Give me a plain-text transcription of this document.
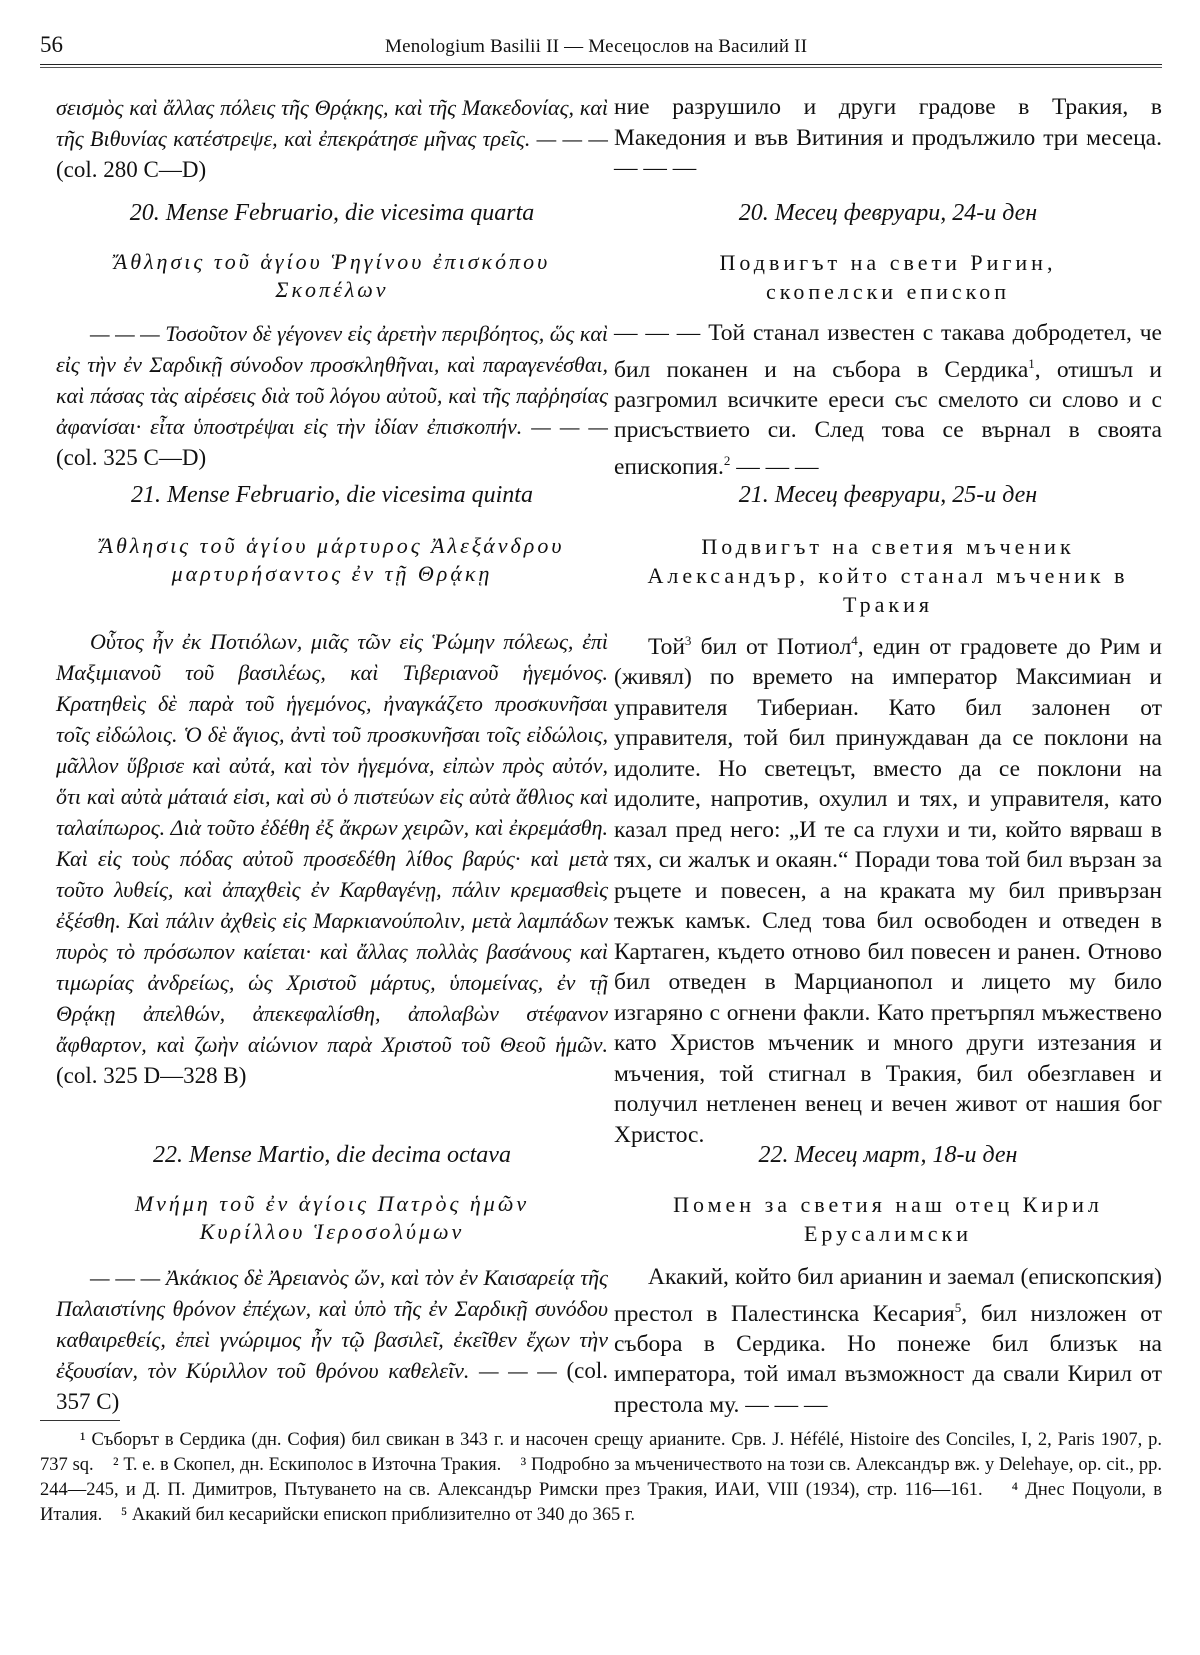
56	Menologium Basilii II — Месецослов на Василий II

σεισμὸς καὶ ἄλλας πόλεις τῆς Θρᾴκης, καὶ τῆς Μακεδονίας, καὶ τῆς Βιθυνίας κατέστρεψε, καὶ ἐπεκράτησε μῆνας τρεῖς. — — — (col. 280 C—D)

20. Mense Februario, die vicesima quarta
Ἄθλησις τοῦ ἁγίου Ῥηγίνου ἐπισκόπου Σκοπέλων

— — — Τοσοῦτον δὲ γέγονεν εἰς ἀρετὴν περιβόητος, ὥς καὶ εἰς τὴν ἐν Σαρδικῇ σύνοδον προσκληθῆναι, καὶ παραγενέσθαι, καὶ πάσας τὰς αἱρέσεις διὰ τοῦ λόγου αὐτοῦ, καὶ τῆς παῤῥησίας ἀφανίσαι· εἶτα ὑποστρέψαι εἰς τὴν ἰδίαν ἐπισκοπήν. — — — (col. 325 C—D)

21. Mense Februario, die vicesima quinta
Ἄθλησις τοῦ ἁγίου μάρτυρος Ἀλεξάνδρου μαρτυρήσαντος ἐν τῇ Θρᾴκῃ

Οὗτος ἦν ἐκ Ποτιόλων, μιᾶς τῶν εἰς Ῥώμην πόλεως, ἐπὶ Μαξιμιανοῦ τοῦ βασιλέως, καὶ Τιβεριανοῦ ἡγεμόνος. Κρατηθεὶς δὲ παρὰ τοῦ ἡγεμόνος, ἠναγκάζετο προσκυνῆσαι τοῖς εἰδώλοις. Ὁ δὲ ἅγιος, ἀντὶ τοῦ προσκυνῆσαι τοῖς εἰδώλοις, μᾶλλον ὕβρισε καὶ αὐτά, καὶ τὸν ἡγεμόνα, εἰπὼν πρὸς αὐτόν, ὅτι καὶ αὐτὰ μάταιά εἰσι, καὶ σὺ ὁ πιστεύων εἰς αὐτὰ ἄθλιος καὶ ταλαίπωρος. Διὰ τοῦτο ἐδέθη ἐξ ἄκρων χειρῶν, καὶ ἐκρεμάσθη. Καὶ εἰς τοὺς πόδας αὐτοῦ προσεδέθη λίθος βαρύς· καὶ μετὰ τοῦτο λυθείς, καὶ ἀπαχθεὶς ἐν Καρθαγένῃ, πάλιν κρεμασθεὶς ἐξέσθη. Καὶ πάλιν ἀχθεὶς εἰς Μαρκιανούπολιν, μετὰ λαμπάδων πυρὸς τὸ πρόσωπον καίεται· καὶ ἄλλας πολλὰς βασάνους καὶ τιμωρίας ἀνδρείως, ὡς Χριστοῦ μάρτυς, ὑπομείνας, ἐν τῇ Θρᾴκῃ ἀπελθών, ἀπεκεφαλίσθη, ἀπολαβὼν στέφανον ἄφθαρτον, καὶ ζωὴν αἰώνιον παρὰ Χριστοῦ τοῦ Θεοῦ ἡμῶν. (col. 325 D—328 B)

22. Mense Martio, die decima octava
Μνήμη τοῦ ἐν ἁγίοις Πατρὸς ἡμῶν Κυρίλλου Ἱεροσολύμων

— — — Ἀκάκιος δὲ Ἀρειανὸς ὤν, καὶ τὸν ἐν Καισαρείᾳ τῆς Παλαιστίνης θρόνον ἐπέχων, καὶ ὑπὸ τῆς ἐν Σαρδικῇ συνόδου καθαιρεθείς, ἐπεὶ γνώριμος ἦν τῷ βασιλεῖ, ἐκεῖθεν ἔχων τὴν ἐξουσίαν, τὸν Κύριλλον τοῦ θρόνου καθελεῖν. — — — (col. 357 C)

ние разрушило и други градове в Тракия, в Македония и във Витиния и продължило три месеца. — — —

20. Месец февруари, 24-и ден
Подвигът на свети Ригин, скопелски епископ

— — — Той станал известен с такава добродетел, че бил поканен и на събора в Сердика$^1$, отишъл и разгромил всичките ереси със смелото си слово и с присъствието си. След това се върнал в своята епископия.$^2$ — — —

21. Месец февруари, 25-и ден
Подвигът на светия мъченик Александър, който станал мъченик в Тракия

Той$^3$ бил от Потиол$^4$, един от градовете до Рим и (живял) по времето на император Максимиан и управителя Тибериан. Като бил залонен от управителя, той бил принуждаван да се поклони на идолите. Но светецът, вместо да се поклони на идолите, напротив, охулил и тях, и управителя, като казал пред него: „И те са глухи и ти, който вярваш в тях, си жалък и окаян.“ Поради това той бил вързан за ръцете и повесен, а на краката му бил привързан тежък камък. След това бил освободен и отведен в Картаген, където отново бил повесен и ранен. Отново бил отведен в Марцианопол и лицето му било изгаряно с огнени факли. Като претърпял мъжествено като Христов мъченик и много други изтезания и мъчения, той стигнал в Тракия, бил обезглавен и получил нетленен венец и вечен живот от нашия бог Христос.

22. Месец март, 18-и ден
Помен за светия наш отец Кирил Ерусалимски

Акакий, който бил арианин и заемал (епископския) престол в Палестинска Кесария$^5$, бил низложен от събора в Сердика. Но понеже бил близък на императора, той имал възможност да свали Кирил от престола му. — — —

¹ Съборът в Сердика (дн. София) бил свикан в 343 г. и насочен срещу арианите. Срв. J. Héfélé, Histoire des Conciles, I, 2, Paris 1907, p. 737 sq. ² Т. е. в Скопел, дн. Ескиполос в Източна Тракия. ³ Подробно за мъченичеството на този св. Александър вж. у Delehaye, op. cit., pp. 244—245, и Д. П. Димитров, Пътуването на св. Александър Римски през Тракия, ИАИ, VIII (1934), стр. 116—161. ⁴ Днес Поцуоли, в Италия. ⁵ Акакий бил кесарийски епископ приблизително от 340 до 365 г.
